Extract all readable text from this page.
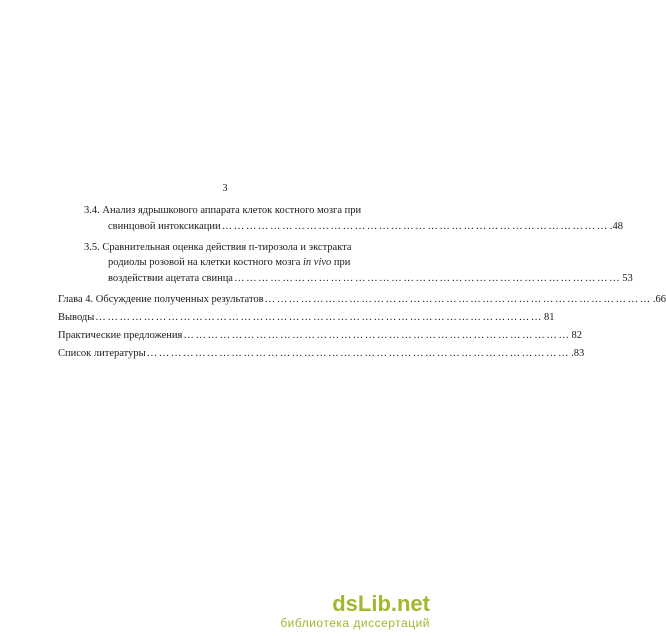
3
3.4. Анализ ядрышкового аппарата клеток костного мозга при
свинцовой интоксикации …………………………………………………………………………………… .48
3.5. Сравнительная оценка действия п-тирозола и экстракта
родиолы розовой на клетки костного мозга in vivo при
воздействии ацетата свинца …………………………………………………………………………………… 53
Глава 4. Обсуждение полученных результатов …………………………………………………………………………………… .66
Выводы ………………………………………………………………………………………………… 81
Практические предложения …………………………………………………………………………………… 82
Список литературы …………………………………………………………………………………………… .83
dsLib.net
библиотека диссертаций
